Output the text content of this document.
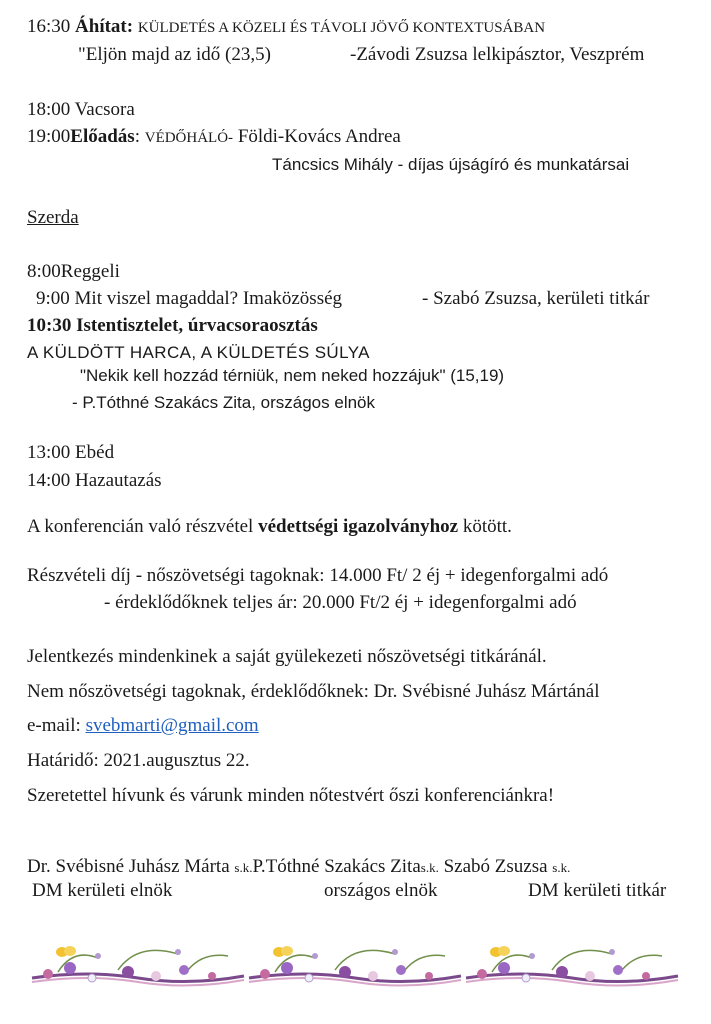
16:30 Áhítat: KÜLDETÉS A KÖZELI ÉS TÁVOLI JÖVŐ KONTEXTUSÁBAN
"Eljön majd az idő (23,5)	-Závodi Zsuzsa lelkipásztor, Veszprém
18:00 Vacsora
19:00Előadás: VÉDŐHÁLÓ- Földi-Kovács Andrea
Táncsics Mihály - díjas újságíró és munkatársai
Szerda
8:00Reggeli
9:00 Mit viszel magaddal? Imaközösség	- Szabó Zsuzsa, kerületi titkár
10:30 Istentisztelet, úrvacsoraosztás
A KÜLDÖTT HARCA, A KÜLDETÉS SÚLYA
"Nekik kell hozzád térniük, nem neked hozzájuk" (15,19)
- P.Tóthné Szakács Zita, országos elnök
13:00 Ebéd
14:00 Hazautazás
A konferencián való részvétel védettségi igazolványhoz kötött.
Részvételi díj - nőszövetségi tagoknak: 14.000 Ft/ 2 éj + idegenforgalmi adó
- érdeklődőknek teljes ár: 20.000 Ft/2 éj + idegenforgalmi adó
Jelentkezés mindenkinek a saját gyülekezeti nőszövetségi titkáránál.
Nem nőszövetségi tagoknak, érdeklődőknek: Dr. Svébisné Juhász Mártánál
e-mail: svebmarti@gmail.com
Határidő: 2021.augusztus 22.
Szeretettel hívunk és várunk minden nőtestvért őszi konferenciánkra!
Dr. Svébisné Juhász Márta s.k.P.Tóthné Szakács Zitas.k. Szabó Zsuzsa s.k.
DM kerületi elnök	országos elnök	DM kerületi titkár
